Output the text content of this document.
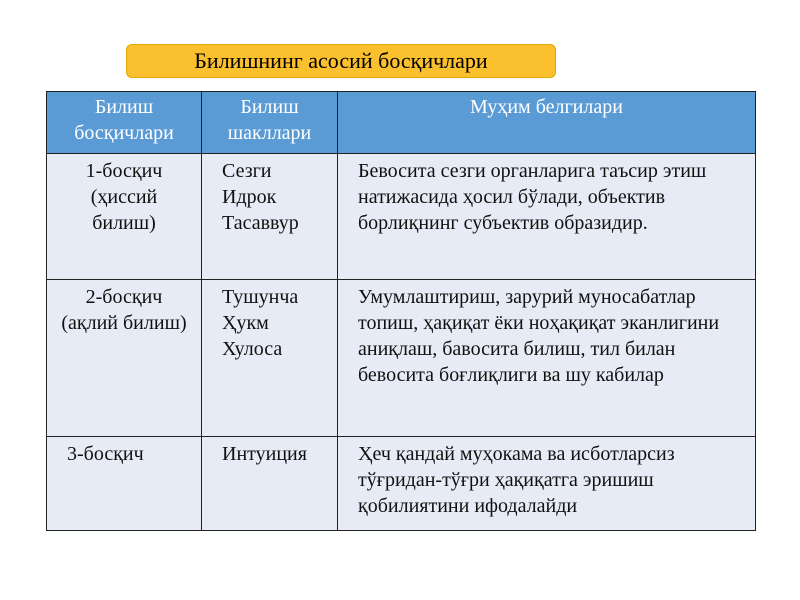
Билишнинг асосий босқичлари
Билиш
босқичлари	Билиш
шакллари	Муҳим белгилари

1-босқич
(ҳиссий
билиш)	Сезги
Идрок
Тасаввур	Бевосита сезги органларига таъсир этиш натижасида ҳосил бўлади, объектив борлиқнинг субъектив образидир.

2-босқич
(ақлий билиш)	Тушунча
Ҳукм
Хулоса	Умумлаштириш, зарурий муносабатлар топиш, ҳақиқат ёки ноҳақиқат эканлигини аниқлаш, бавосита билиш, тил билан бевосита боғлиқлиги ва шу кабилар

3-босқич	Интуиция	Ҳеч қандай муҳокама ва исботларсиз тўғридан-тўғри ҳақиқатга эришиш қобилиятини ифодалайди
